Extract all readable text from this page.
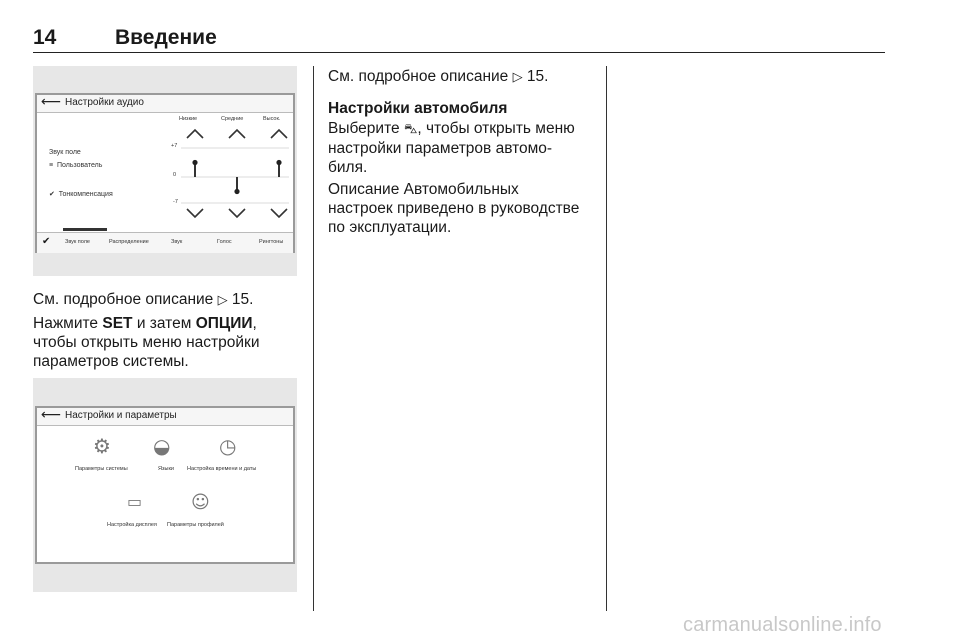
14	Введение
⟵ Настройки аудио
Низкие	Средние	Высок.
+7
0
-7
Звук поле
≡ Пользователь
✔ Тонкомпенсация
✔	Звук поле	Распределение	Звук	Голос	Рингтоны
См. подробное описание ▷ 15.

Нажмите SET и затем ОПЦИИ,

чтобы открыть меню настройки

параметров системы.

⟵ Настройки и параметры
⚙ ◒ ◷
Параметры системы	Языки Настройка времени и даты
▭	☺
Настройка дисплея Параметры профилей
См. подробное описание ▷ 15.
Настройки автомобиля

Выберите ⛍, чтобы открыть меню

настройки параметров автомо-

биля.

Описание Автомобильных

настроек приведено в руководстве

по эксплуатации.

carmanualsonline.info
